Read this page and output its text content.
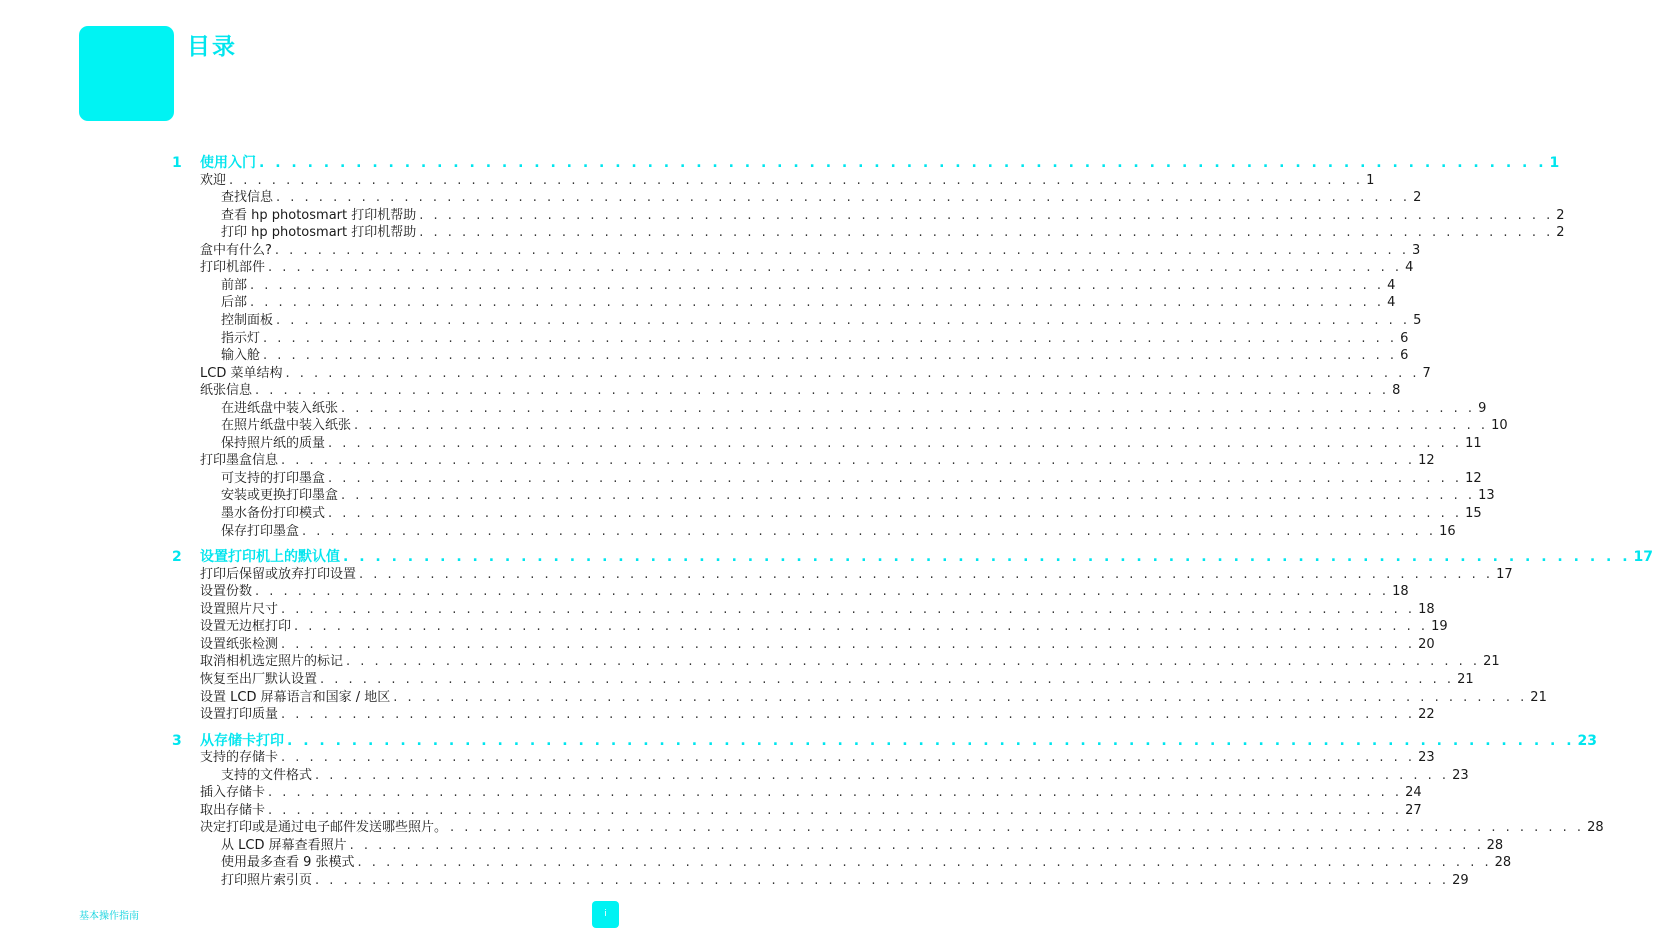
目录
1 使用入门 . . . . . . . . . . . . . . . . . . . . . . . . . . . . . . . . . . . . . . . . . . . . . . . . . . . . . . . . . . . . . . . . . . . . . . . . . . . . . . . . 1
欢迎 . . . . . . . . . . . . . . . . . . . . . . . . . . . . . . . . . . . . . . . . . . . . . . . . . . . . . . . . . . . . . . . . . . . . . . . . . . . . . . . . 1
查找信息 . . . . . . . . . . . . . . . . . . . . . . . . . . . . . . . . . . . . . . . . . . . . . . . . . . . . . . . . . . . . . . . . . . . . . . . . . . . . . . . . 2
查看 hp photosmart 打印机帮助 . . . . . . . . . . . . . . . . . . . . . . . . . . . . . . . . . . . . . . . . . . . . . . . . . . . . . . . . . . . . . . . . . . . . . . . . . . . . . . . . 2
打印 hp photosmart 打印机帮助 . . . . . . . . . . . . . . . . . . . . . . . . . . . . . . . . . . . . . . . . . . . . . . . . . . . . . . . . . . . . . . . . . . . . . . . . . . . . . . . . 2
盒中有什么? . . . . . . . . . . . . . . . . . . . . . . . . . . . . . . . . . . . . . . . . . . . . . . . . . . . . . . . . . . . . . . . . . . . . . . . . . . . . . . . . 3
打印机部件 . . . . . . . . . . . . . . . . . . . . . . . . . . . . . . . . . . . . . . . . . . . . . . . . . . . . . . . . . . . . . . . . . . . . . . . . . . . . . . . . 4
前部 . . . . . . . . . . . . . . . . . . . . . . . . . . . . . . . . . . . . . . . . . . . . . . . . . . . . . . . . . . . . . . . . . . . . . . . . . . . . . . . . 4
后部 . . . . . . . . . . . . . . . . . . . . . . . . . . . . . . . . . . . . . . . . . . . . . . . . . . . . . . . . . . . . . . . . . . . . . . . . . . . . . . . . 4
控制面板 . . . . . . . . . . . . . . . . . . . . . . . . . . . . . . . . . . . . . . . . . . . . . . . . . . . . . . . . . . . . . . . . . . . . . . . . . . . . . . . . 5
指示灯 . . . . . . . . . . . . . . . . . . . . . . . . . . . . . . . . . . . . . . . . . . . . . . . . . . . . . . . . . . . . . . . . . . . . . . . . . . . . . . . . 6
输入舱 . . . . . . . . . . . . . . . . . . . . . . . . . . . . . . . . . . . . . . . . . . . . . . . . . . . . . . . . . . . . . . . . . . . . . . . . . . . . . . . . 6
LCD 菜单结构 . . . . . . . . . . . . . . . . . . . . . . . . . . . . . . . . . . . . . . . . . . . . . . . . . . . . . . . . . . . . . . . . . . . . . . . . . . . . . . . . 7
纸张信息 . . . . . . . . . . . . . . . . . . . . . . . . . . . . . . . . . . . . . . . . . . . . . . . . . . . . . . . . . . . . . . . . . . . . . . . . . . . . . . . . 8
在进纸盘中装入纸张 . . . . . . . . . . . . . . . . . . . . . . . . . . . . . . . . . . . . . . . . . . . . . . . . . . . . . . . . . . . . . . . . . . . . . . . . . . . . . . . . 9
在照片纸盘中装入纸张 . . . . . . . . . . . . . . . . . . . . . . . . . . . . . . . . . . . . . . . . . . . . . . . . . . . . . . . . . . . . . . . . . . . . . . . . . . . . . . . . 10
保持照片纸的质量 . . . . . . . . . . . . . . . . . . . . . . . . . . . . . . . . . . . . . . . . . . . . . . . . . . . . . . . . . . . . . . . . . . . . . . . . . . . . . . . . 11
打印墨盒信息 . . . . . . . . . . . . . . . . . . . . . . . . . . . . . . . . . . . . . . . . . . . . . . . . . . . . . . . . . . . . . . . . . . . . . . . . . . . . . . . . 12
可支持的打印墨盒 . . . . . . . . . . . . . . . . . . . . . . . . . . . . . . . . . . . . . . . . . . . . . . . . . . . . . . . . . . . . . . . . . . . . . . . . . . . . . . . . 12
安装或更换打印墨盒 . . . . . . . . . . . . . . . . . . . . . . . . . . . . . . . . . . . . . . . . . . . . . . . . . . . . . . . . . . . . . . . . . . . . . . . . . . . . . . . . 13
墨水备份打印模式 . . . . . . . . . . . . . . . . . . . . . . . . . . . . . . . . . . . . . . . . . . . . . . . . . . . . . . . . . . . . . . . . . . . . . . . . . . . . . . . . 15
保存打印墨盒 . . . . . . . . . . . . . . . . . . . . . . . . . . . . . . . . . . . . . . . . . . . . . . . . . . . . . . . . . . . . . . . . . . . . . . . . . . . . . . . . 16
2 设置打印机上的默认值 . . . . . . . . . . . . . . . . . . . . . . . . . . . . . . . . . . . . . . . . . . . . . . . . . . . . . . . . . . . . . . . . . . . . . . . . . . . . . . . . 17
打印后保留或放弃打印设置 . . . . . . . . . . . . . . . . . . . . . . . . . . . . . . . . . . . . . . . . . . . . . . . . . . . . . . . . . . . . . . . . . . . . . . . . . . . . . . . . 17
设置份数 . . . . . . . . . . . . . . . . . . . . . . . . . . . . . . . . . . . . . . . . . . . . . . . . . . . . . . . . . . . . . . . . . . . . . . . . . . . . . . . . 18
设置照片尺寸 . . . . . . . . . . . . . . . . . . . . . . . . . . . . . . . . . . . . . . . . . . . . . . . . . . . . . . . . . . . . . . . . . . . . . . . . . . . . . . . . 18
设置无边框打印 . . . . . . . . . . . . . . . . . . . . . . . . . . . . . . . . . . . . . . . . . . . . . . . . . . . . . . . . . . . . . . . . . . . . . . . . . . . . . . . . 19
设置纸张检测 . . . . . . . . . . . . . . . . . . . . . . . . . . . . . . . . . . . . . . . . . . . . . . . . . . . . . . . . . . . . . . . . . . . . . . . . . . . . . . . . 20
取消相机选定照片的标记 . . . . . . . . . . . . . . . . . . . . . . . . . . . . . . . . . . . . . . . . . . . . . . . . . . . . . . . . . . . . . . . . . . . . . . . . . . . . . . . . 21
恢复至出厂默认设置 . . . . . . . . . . . . . . . . . . . . . . . . . . . . . . . . . . . . . . . . . . . . . . . . . . . . . . . . . . . . . . . . . . . . . . . . . . . . . . . . 21
设置 LCD 屏幕语言和国家 / 地区 . . . . . . . . . . . . . . . . . . . . . . . . . . . . . . . . . . . . . . . . . . . . . . . . . . . . . . . . . . . . . . . . . . . . . . . . . . . . . . . . 21
设置打印质量 . . . . . . . . . . . . . . . . . . . . . . . . . . . . . . . . . . . . . . . . . . . . . . . . . . . . . . . . . . . . . . . . . . . . . . . . . . . . . . . . 22
3 从存储卡打印 . . . . . . . . . . . . . . . . . . . . . . . . . . . . . . . . . . . . . . . . . . . . . . . . . . . . . . . . . . . . . . . . . . . . . . . . . . . . . . . . 23
支持的存储卡 . . . . . . . . . . . . . . . . . . . . . . . . . . . . . . . . . . . . . . . . . . . . . . . . . . . . . . . . . . . . . . . . . . . . . . . . . . . . . . . . 23
支持的文件格式 . . . . . . . . . . . . . . . . . . . . . . . . . . . . . . . . . . . . . . . . . . . . . . . . . . . . . . . . . . . . . . . . . . . . . . . . . . . . . . . . 23
插入存储卡 . . . . . . . . . . . . . . . . . . . . . . . . . . . . . . . . . . . . . . . . . . . . . . . . . . . . . . . . . . . . . . . . . . . . . . . . . . . . . . . . 24
取出存储卡 . . . . . . . . . . . . . . . . . . . . . . . . . . . . . . . . . . . . . . . . . . . . . . . . . . . . . . . . . . . . . . . . . . . . . . . . . . . . . . . . 27
决定打印或是通过电子邮件发送哪些照片。 . . . . . . . . . . . . . . . . . . . . . . . . . . . . . . . . . . . . . . . . . . . . . . . . . . . . . . . . . . . . . . . . . . . . . . . . . . . . . . . . 28
从 LCD 屏幕查看照片 . . . . . . . . . . . . . . . . . . . . . . . . . . . . . . . . . . . . . . . . . . . . . . . . . . . . . . . . . . . . . . . . . . . . . . . . . . . . . . . . 28
使用最多查看 9 张模式 . . . . . . . . . . . . . . . . . . . . . . . . . . . . . . . . . . . . . . . . . . . . . . . . . . . . . . . . . . . . . . . . . . . . . . . . . . . . . . . . 28
打印照片索引页 . . . . . . . . . . . . . . . . . . . . . . . . . . . . . . . . . . . . . . . . . . . . . . . . . . . . . . . . . . . . . . . . . . . . . . . . . . . . . . . . 29
基本操作指南	i
